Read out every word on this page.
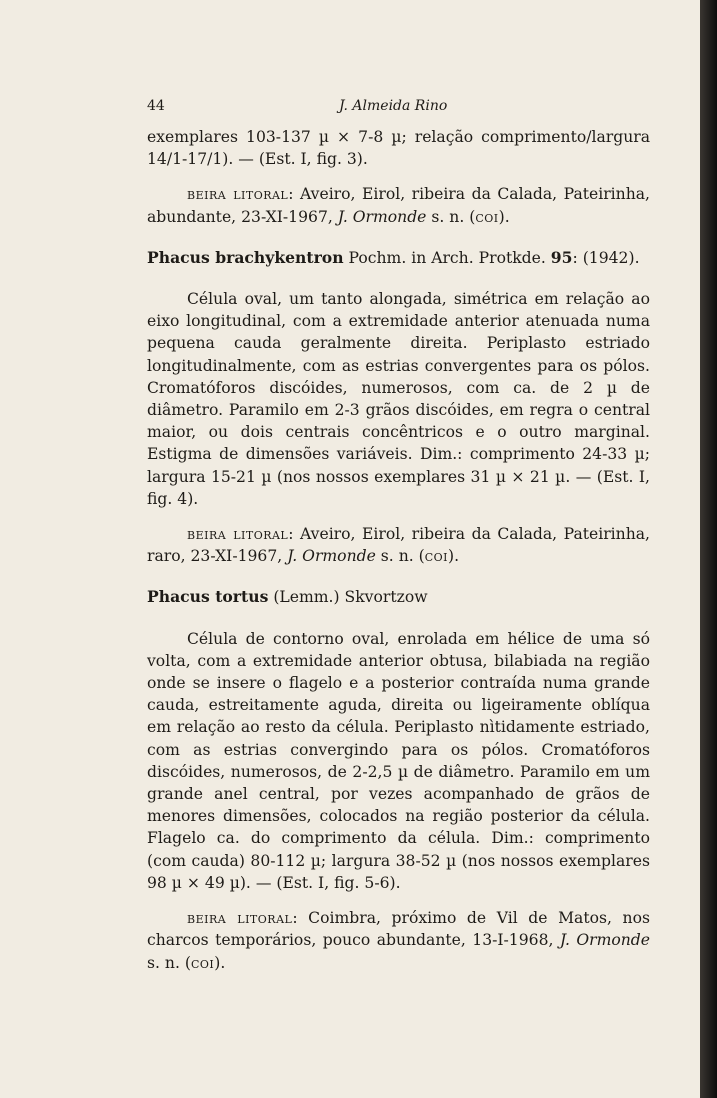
44	J. Almeida Rino

exemplares 103-137 µ × 7-8 µ; relação comprimento/largura 14/1-17/1). — (Est. I, fig. 3).

beira litoral: Aveiro, Eirol, ribeira da Calada, Pateirinha, abundante, 23-XI-1967, J. Ormonde s. n. (coi).

Phacus brachykentron Pochm. in Arch. Protkde. 95: (1942).

Célula oval, um tanto alongada, simétrica em relação ao eixo longitudinal, com a extremidade anterior atenuada numa pequena cauda geralmente direita. Periplasto estriado longitudinalmente, com as estrias convergentes para os pólos. Cromatóforos discóides, numerosos, com ca. de 2 µ de diâmetro. Paramilo em 2-3 grãos discóides, em regra o central maior, ou dois centrais concêntricos e o outro marginal. Estigma de dimensões variáveis. Dim.: comprimento 24-33 µ; largura 15-21 µ (nos nossos exemplares 31 µ × 21 µ. — (Est. I, fig. 4).

beira litoral: Aveiro, Eirol, ribeira da Calada, Pateirinha, raro, 23-XI-1967, J. Ormonde s. n. (coi).

Phacus tortus (Lemm.) Skvortzow

Célula de contorno oval, enrolada em hélice de uma só volta, com a extremidade anterior obtusa, bilabiada na região onde se insere o flagelo e a posterior contraída numa grande cauda, estreitamente aguda, direita ou ligeiramente oblíqua em relação ao resto da célula. Periplasto nìtidamente estriado, com as estrias convergindo para os pólos. Cromatóforos discóides, numerosos, de 2-2,5 µ de diâmetro. Paramilo em um grande anel central, por vezes acompanhado de grãos de menores dimensões, colocados na região posterior da célula. Flagelo ca. do comprimento da célula. Dim.: comprimento (com cauda) 80-112 µ; largura 38-52 µ (nos nossos exemplares 98 µ × 49 µ). — (Est. I, fig. 5-6).

beira litoral: Coimbra, próximo de Vil de Matos, nos charcos temporários, pouco abundante, 13-I-1968, J. Ormonde s. n. (coi).
